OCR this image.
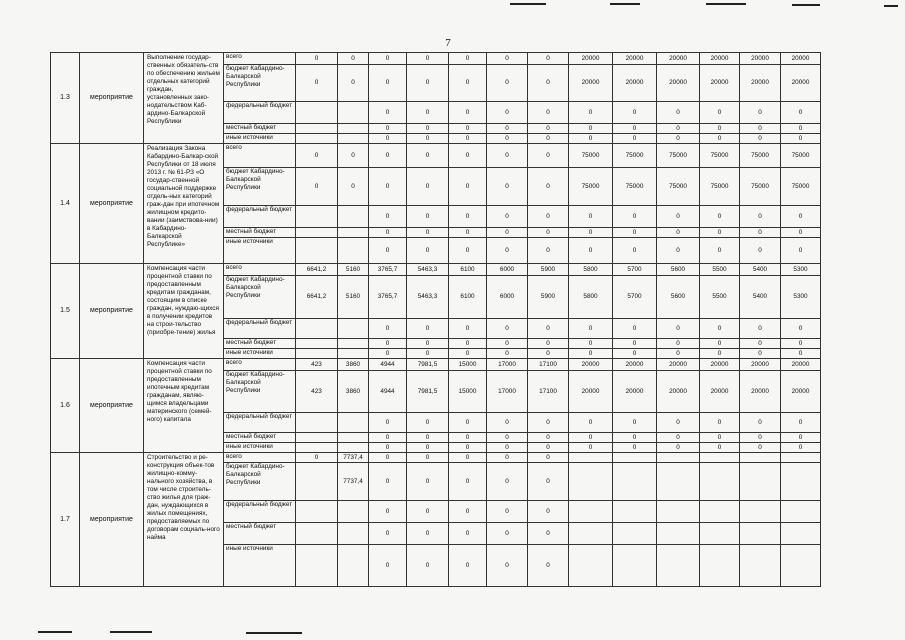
7
1.3	мероприятие	Выполнение государ-ственных обязатель-ств по обеспечению жильем отдельных категорий граждан, установленных зако-нодательством Каб-ардино-Балкарской Республики	всего	0	0	0	0	0	0	0	20000	20000	20000	20000	20000	20000
			бюджет Кабардино-Балкарской Республики	0	0	0	0	0	0	0	20000	20000	20000	20000	20000	20000
			федеральный бюджет			0	0	0	0	0	0	0	0	0	0	0
			местный бюджет			0	0	0	0	0	0	0	0	0	0	0
			иные источники			0	0	0	0	0	0	0	0	0	0	0
1.4	мероприятие	Реализация Закона Кабардино-Балкар-ской Республики от 18 июля 2013 г. № 61-РЗ «О государ-ственной социальной поддержке отдель-ных категорий граж-дан при ипотечном жилищном кредито-вании (заимствова-нии) в Кабардино-Балкарской Республике»	всего	0	0	0	0	0	0	0	75000	75000	75000	75000	75000	75000
			бюджет Кабардино-Балкарской Республики	0	0	0	0	0	0	0	75000	75000	75000	75000	75000	75000
			федеральный бюджет			0	0	0	0	0	0	0	0	0	0	0
			местный бюджет			0	0	0	0	0	0	0	0	0	0	0
			иные источники			0	0	0	0	0	0	0	0	0	0	0
1.5	мероприятие	Компенсация части процентной ставки по предоставленным кредитам гражданам, состоящим в списке граждан, нуждаю-щихся в получении кредитов на строи-тельство (приобре-тение) жилья	всего	6641,2	5160	3765,7	5463,3	6100	6000	5900	5800	5700	5600	5500	5400	5300
			бюджет Кабардино-Балкарской Республики	6641,2	5160	3765,7	5463,3	6100	6000	5900	5800	5700	5600	5500	5400	5300
			федеральный бюджет			0	0	0	0	0	0	0	0	0	0	0
			местный бюджет			0	0	0	0	0	0	0	0	0	0	0
			иные источники			0	0	0	0	0	0	0	0	0	0	0
1.6	мероприятие	Компенсация части процентной ставки по предоставленным ипотечным кредитам гражданам, являю-щимся владельцами материнского (семей-ного) капитала	всего	423	3860	4944	7981,5	15000	17000	17100	20000	20000	20000	20000	20000	20000
			бюджет Кабардино-Балкарской Республики	423	3860	4944	7981,5	15000	17000	17100	20000	20000	20000	20000	20000	20000
			федеральный бюджет			0	0	0	0	0	0	0	0	0	0	0
			местный бюджет			0	0	0	0	0	0	0	0	0	0	0
			иные источники			0	0	0	0	0	0	0	0	0	0	0
1.7	мероприятие	Строительство и ре-конструкция объек-тов жилищно-комму-нального хозяйства, в том числе строитель-ство жилья для граж-дан, нуждающихся в жилых помещениях, предоставляемых по договорам социаль-ного найма	всего	0	7737,4	0	0	0	0	0						
			бюджет Кабардино-Балкарской Республики		7737,4	0	0	0	0	0						
			федеральный бюджет			0	0	0	0	0						
			местный бюджет			0	0	0	0	0						
			иные источники			0	0	0	0	0						
